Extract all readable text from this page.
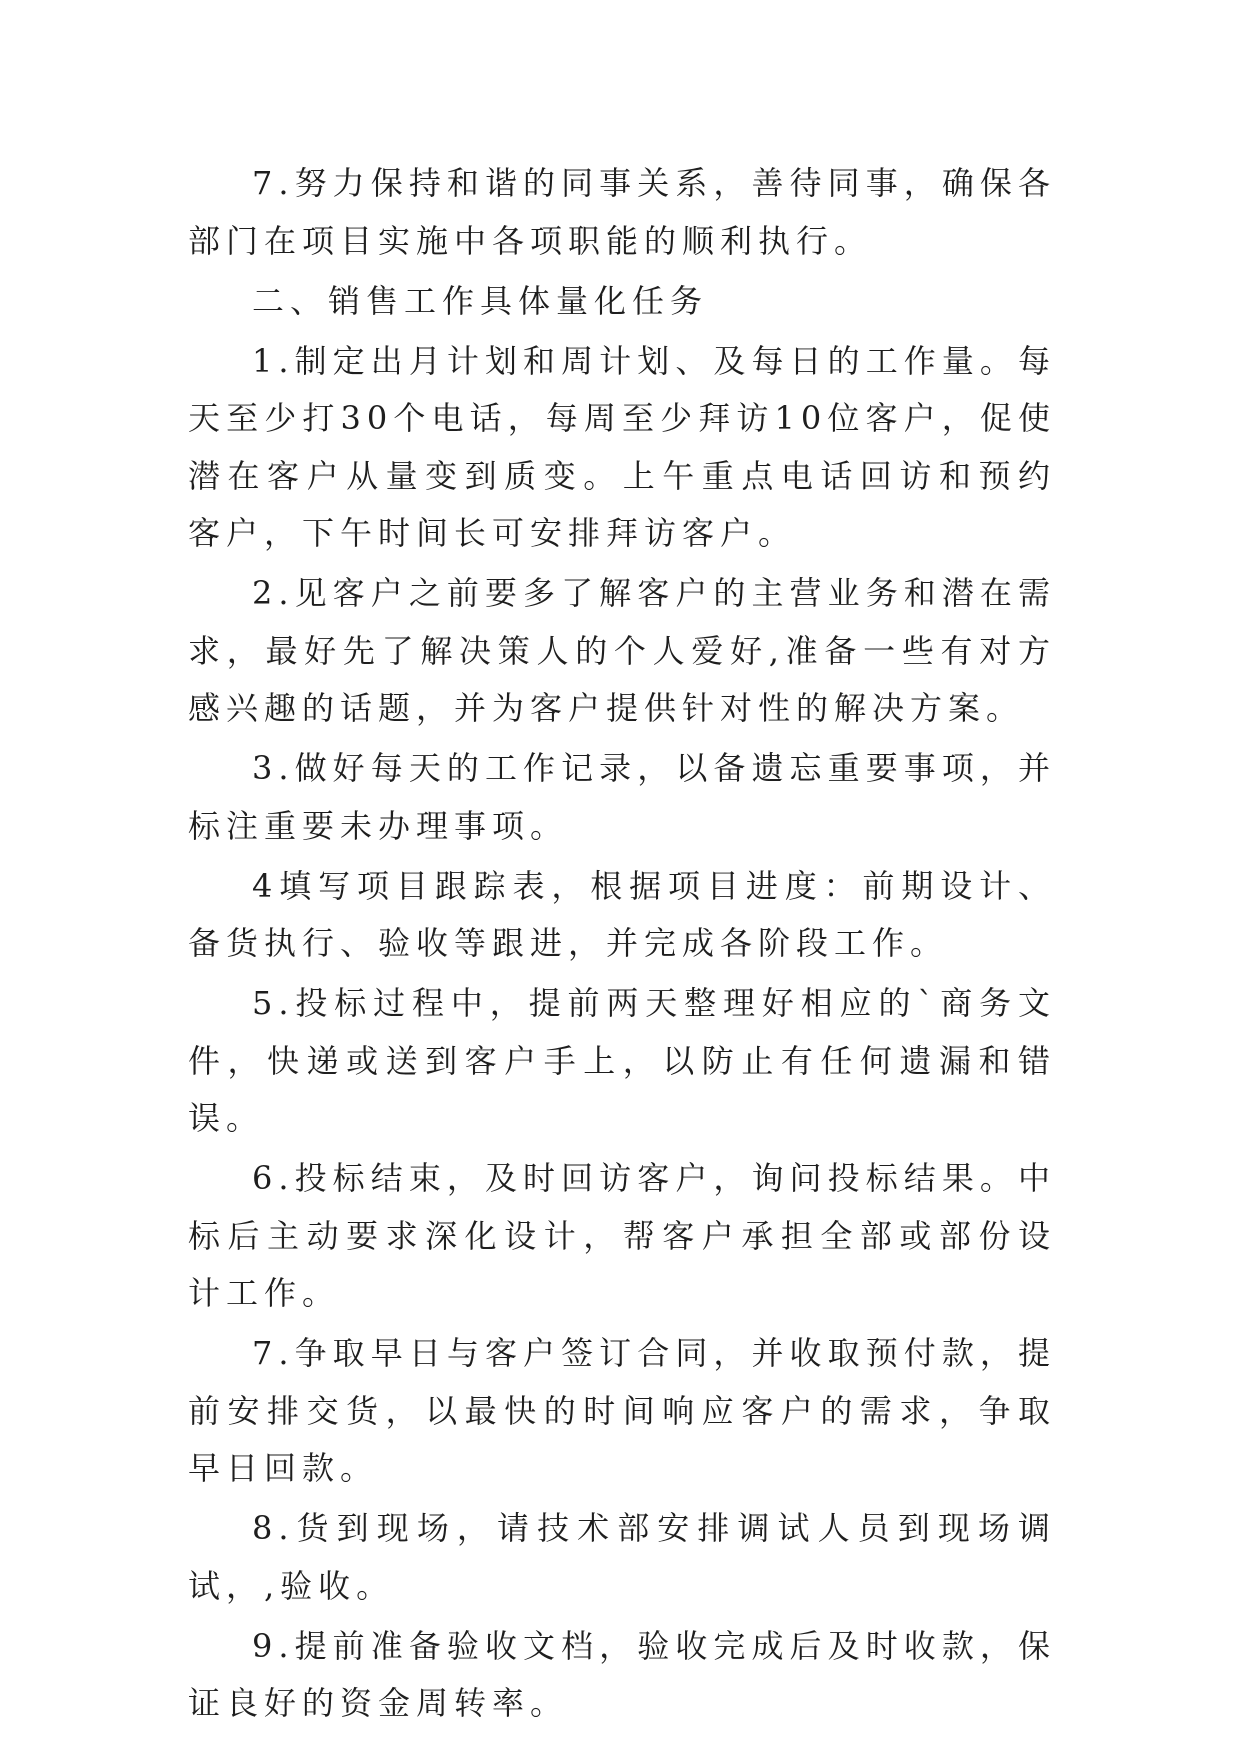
7.努力保持和谐的同事关系，善待同事，确保各部门在项目实施中各项职能的顺利执行。

二、销售工作具体量化任务

1.制定出月计划和周计划、及每日的工作量。每天至少打30个电话，每周至少拜访10位客户，促使潜在客户从量变到质变。上午重点电话回访和预约客户，下午时间长可安排拜访客户。

2.见客户之前要多了解客户的主营业务和潜在需求，最好先了解决策人的个人爱好,准备一些有对方感兴趣的话题，并为客户提供针对性的解决方案。

3.做好每天的工作记录，以备遗忘重要事项，并标注重要未办理事项。

4填写项目跟踪表，根据项目进度：前期设计、备货执行、验收等跟进，并完成各阶段工作。

5.投标过程中，提前两天整理好相应的`商务文件，快递或送到客户手上，以防止有任何遗漏和错误。

6.投标结束，及时回访客户，询问投标结果。中标后主动要求深化设计，帮客户承担全部或部份设计工作。

7.争取早日与客户签订合同，并收取预付款，提前安排交货，以最快的时间响应客户的需求，争取早日回款。

8.货到现场，请技术部安排调试人员到现场调试，,验收。

9.提前准备验收文档，验收完成后及时收款，保证良好的资金周转率。
